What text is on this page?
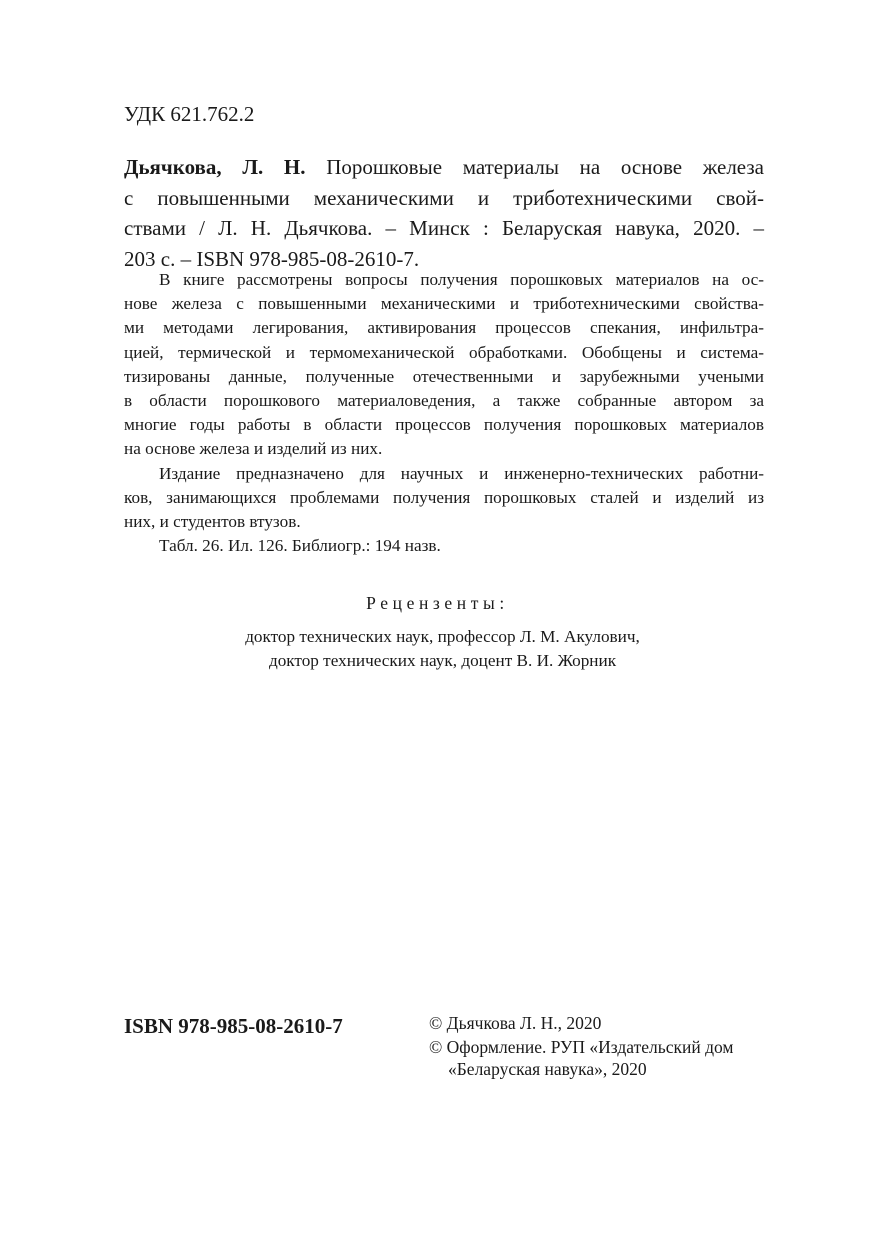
УДК 621.762.2
Дьячкова, Л. Н. Порошковые материалы на основе железа
с повышенными механическими и триботехническими свой-
ствами / Л. Н. Дьячкова. – Минск : Беларуская навука, 2020. –
203 с. – ISBN 978-985-08-2610-7.
В книге рассмотрены вопросы получения порошковых материалов на ос-
нове железа с повышенными механическими и триботехническими свойства-
ми методами легирования, активирования процессов спекания, инфильтра-
цией, термической и термомеханической обработками. Обобщены и система-
тизированы данные, полученные отечественными и зарубежными учеными
в области порошкового материаловедения, а также собранные автором за
многие годы работы в области процессов получения порошковых материалов
на основе железа и изделий из них.
Издание предназначено для научных и инженерно-технических работни-
ков, занимающихся проблемами получения порошковых сталей и изделий из
них, и студентов втузов.
Табл. 26. Ил. 126. Библиогр.: 194 назв.
Рецензенты:
доктор технических наук, профессор Л. М. Акулович,
доктор технических наук, доцент В. И. Жорник
ISBN 978-985-08-2610-7	© Дьячкова Л. Н., 2020
© Оформление. РУП «Издательский дом
«Беларуская навука», 2020
